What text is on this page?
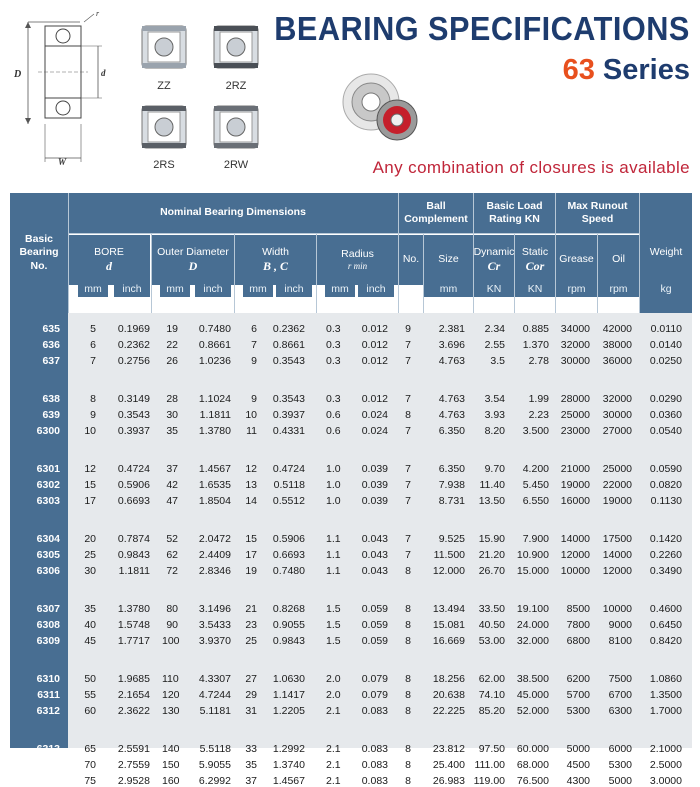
D	d
W
r
ZZ	2RZ
2RS	2RW
BEARING SPECIFICATIONS
63 Series
Any combination of closures is available
Basic Bearing No.
Nominal Bearing Dimensions
Ball Complement
Basic Load Rating KN
Max Runout Speed
Weight
BORE
d
Outer Diameter
D
Width
B , C
Radius
r min
No.	Size
Dynamic
Cr
Static
Cor	Grease	Oil
mm	inch	mm	inch	mm	inch	mm	inch	mm	KN	KN	rpm	rpm	kg
635	5	0.1969	19	0.7480	6	0.2362 0.3	0.012	9	2.381	2.34	0.885 34000 42000	0.0110
636	6	0.2362	22	0.8661	7	0.8661 0.3	0.012	7	3.696	2.55	1.370 32000 38000	0.0140
637	7	0.2756	26	1.0236	9	0.3543 0.3	0.012	7	4.763	3.5	2.78 30000 36000	0.0250
638	8	0.3149	28	1.1024	9	0.3543 0.3	0.012	7	4.763	3.54	1.99 28000 32000	0.0290
639	9	0.3543	30	1.1811 10	0.3937 0.6	0.024	8	4.763	3.93	2.23 25000 30000	0.0360
6300 10	0.3937	35	1.3780 11	0.4331 0.6	0.024	7	6.350	8.20	3.500 23000 27000	0.0540
6301 12	0.4724	37	1.4567 12	0.4724 1.0	0.039	7	6.350	9.70	4.200 21000 25000	0.0590
6302 15	0.5906	42	1.6535 13	0.5118 1.0	0.039	7	7.938	11.40	5.450 19000 22000	0.0820
6303 17	0.6693	47	1.8504 14	0.5512 1.0	0.039	7	8.731	13.50	6.550 16000 19000	0.1130
6304 20	0.7874	52	2.0472 15	0.5906 1.1	0.043	7	9.525	15.90	7.900 14000 17500	0.1420
6305 25	0.9843	62	2.4409 17	0.6693 1.1	0.043	7	11.500	21.20	10.900 12000 14000	0.2260
6306 30	1.1811	72	2.8346 19	0.7480 1.1	0.043	8	12.000	26.70	15.000 10000 12000	0.3490
6307 35	1.3780	80	3.1496 21	0.8268 1.5	0.059	8	13.494	33.50	19.100	8500 10000	0.4600
6308 40	1.5748	90	3.5433 23	0.9055 1.5	0.059	8	15.081	40.50	24.000	7800	9000	0.6450
6309 45	1.7717 100	3.9370 25	0.9843 1.5	0.059	8	16.669	53.00	32.000	6800	8100	0.8420
6310 50	1.9685 110	4.3307 27	1.0630 2.0	0.079	8	18.256	62.00	38.500	6200	7500	1.0860
6311 55	2.1654 120	4.7244 29	1.1417 2.0	0.079	8	20.638	74.10	45.000	5700	6700	1.3500
6312 60	2.3622 130	5.1181 31	1.2205 2.1	0.083	8	22.225	85.20	52.000	5300	6300	1.7000
6313 65	2.5591 140	5.5118 33	1.2992 2.1	0.083	8	23.812	97.50	60.000	5000	6000	2.1000
6314 70	2.7559 150	5.9055 35	1.3740 2.1	0.083	8	25.400 111.00	68.000	4500	5300	2.5000
6315 75	2.9528 160	6.2992 37	1.4567 2.1	0.083	8	26.983 119.00	76.500	4300	5000	3.0000
